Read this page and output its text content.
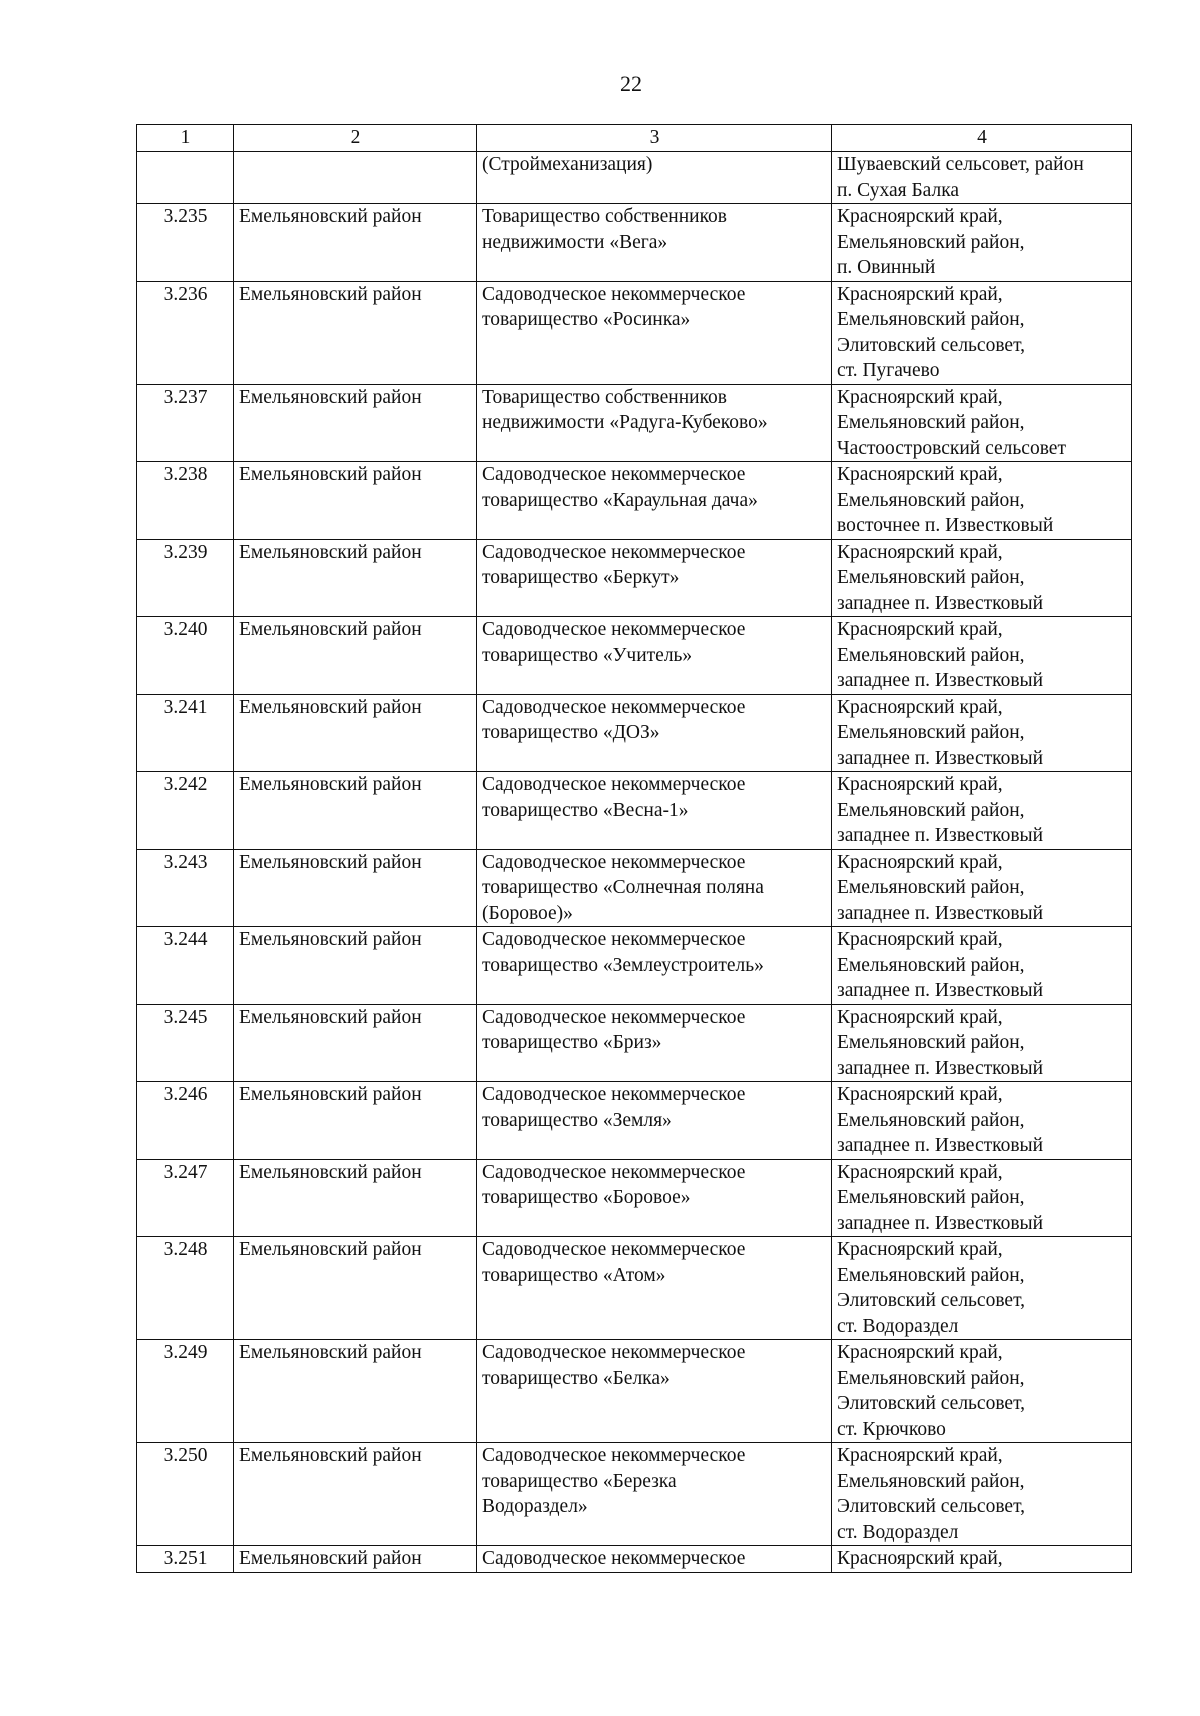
22
1	2	3	4
		(Строймеханизация)	Шуваевский сельсовет, район
п. Сухая Балка
3.235	Емельяновский район	Товарищество собственников
недвижимости «Вега»	Красноярский край,
Емельяновский район,
п. Овинный
3.236	Емельяновский район	Садоводческое некоммерческое
товарищество «Росинка»	Красноярский край,
Емельяновский район,
Элитовский сельсовет,
ст. Пугачево
3.237	Емельяновский район	Товарищество собственников
недвижимости «Радуга-Кубеково»	Красноярский край,
Емельяновский район,
Частоостровский сельсовет
3.238	Емельяновский район	Садоводческое некоммерческое
товарищество «Караульная дача»	Красноярский край,
Емельяновский район,
восточнее п. Известковый
3.239	Емельяновский район	Садоводческое некоммерческое
товарищество «Беркут»	Красноярский край,
Емельяновский район,
западнее п. Известковый
3.240	Емельяновский район	Садоводческое некоммерческое
товарищество «Учитель»	Красноярский край,
Емельяновский район,
западнее п. Известковый
3.241	Емельяновский район	Садоводческое некоммерческое
товарищество «ДОЗ»	Красноярский край,
Емельяновский район,
западнее п. Известковый
3.242	Емельяновский район	Садоводческое некоммерческое
товарищество «Весна-1»	Красноярский край,
Емельяновский район,
западнее п. Известковый
3.243	Емельяновский район	Садоводческое некоммерческое
товарищество «Солнечная поляна
(Боровое)»	Красноярский край,
Емельяновский район,
западнее п. Известковый
3.244	Емельяновский район	Садоводческое некоммерческое
товарищество «Землеустроитель»	Красноярский край,
Емельяновский район,
западнее п. Известковый
3.245	Емельяновский район	Садоводческое некоммерческое
товарищество «Бриз»	Красноярский край,
Емельяновский район,
западнее п. Известковый
3.246	Емельяновский район	Садоводческое некоммерческое
товарищество «Земля»	Красноярский край,
Емельяновский район,
западнее п. Известковый
3.247	Емельяновский район	Садоводческое некоммерческое
товарищество «Боровое»	Красноярский край,
Емельяновский район,
западнее п. Известковый
3.248	Емельяновский район	Садоводческое некоммерческое
товарищество «Атом»	Красноярский край,
Емельяновский район,
Элитовский сельсовет,
ст. Водораздел
3.249	Емельяновский район	Садоводческое некоммерческое
товарищество «Белка»	Красноярский край,
Емельяновский район,
Элитовский сельсовет,
ст. Крючково
3.250	Емельяновский район	Садоводческое некоммерческое
товарищество «Березка
Водораздел»	Красноярский край,
Емельяновский район,
Элитовский сельсовет,
ст. Водораздел
3.251	Емельяновский район	Садоводческое некоммерческое	Красноярский край,
